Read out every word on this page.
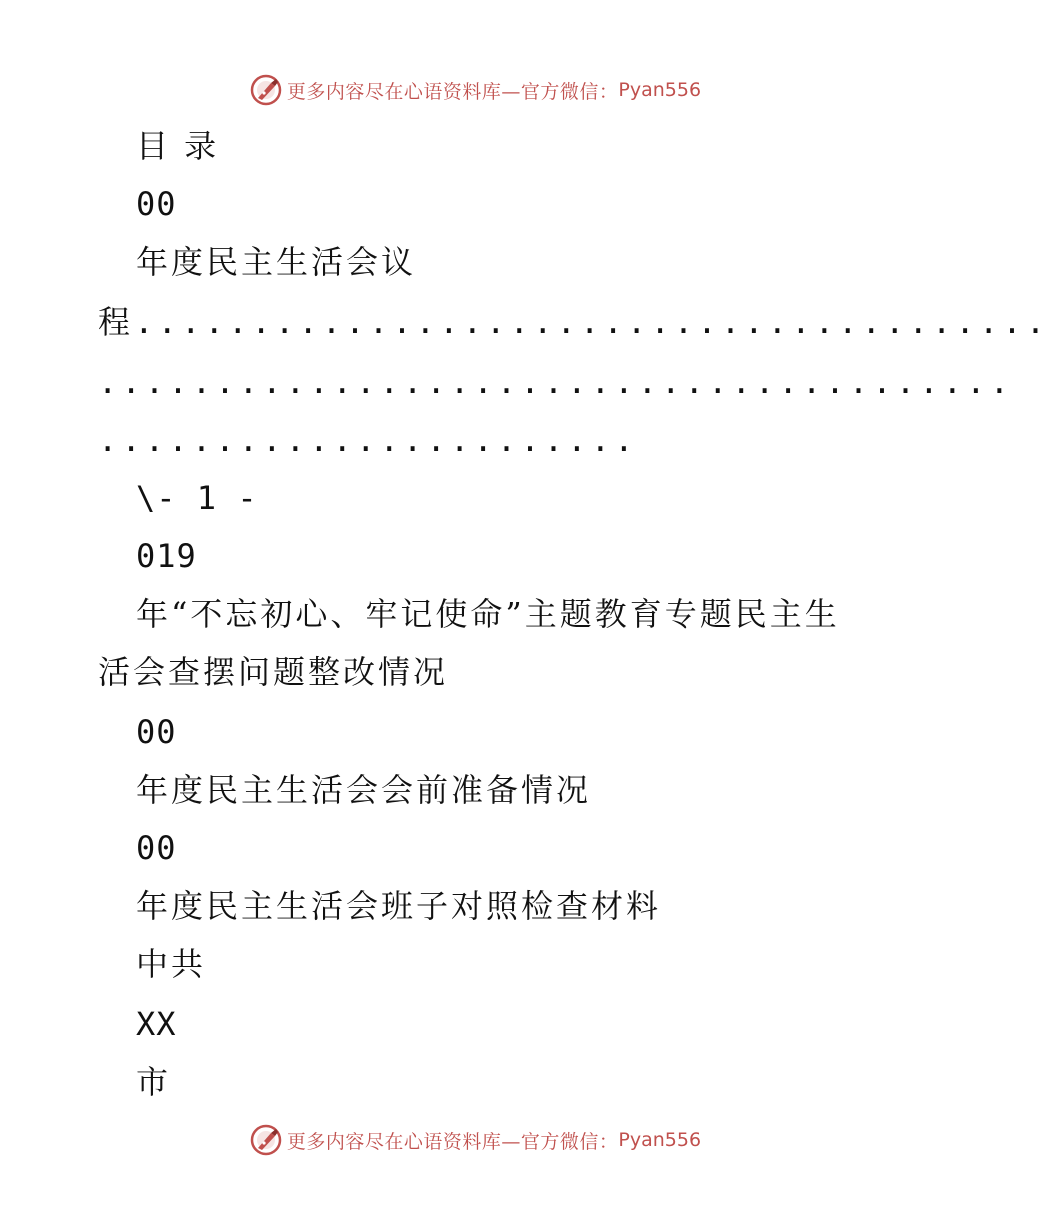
更多内容尽在心语资料库—官方微信： Pyan556
目 录
00
年度民主生活会议
程.......................................
.......................................
.......................
\- 1 -
019
年“不忘初心、牢记使命”主题教育专题民主生
活会查摆问题整改情况
00
年度民主生活会会前准备情况
00
年度民主生活会班子对照检查材料
中共
XX
市
更多内容尽在心语资料库—官方微信： Pyan556
